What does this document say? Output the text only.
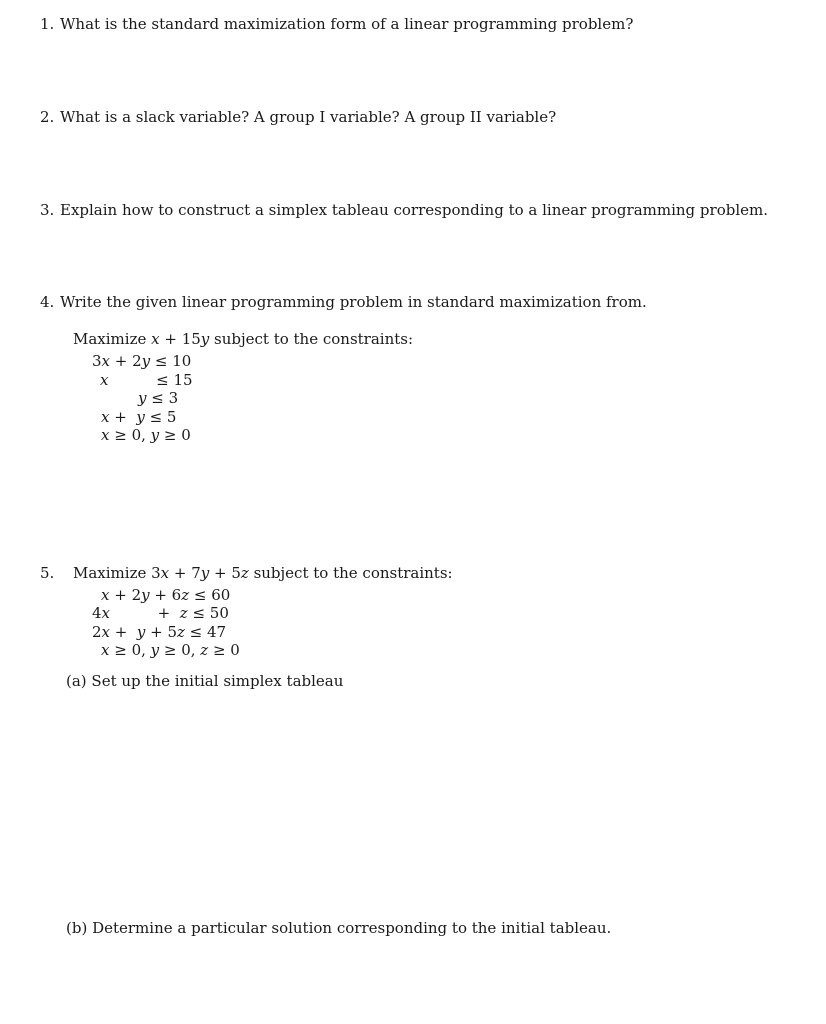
1. What is the standard maximization form of a linear programming problem?
2. What is a slack variable? A group I variable? A group II variable?
3. Explain how to construct a simplex tableau corresponding to a linear programming problem.
4. Write the given linear programming problem in standard maximization from.
Maximize 𝑥 + 15𝑦 subject to the constraints:
3𝑥 + 2𝑦 ≤ 10
𝑥          ≤ 15
𝑦 ≤ 3
𝑥 +  𝑦 ≤ 5
𝑥 ≥ 0, 𝑦 ≥ 0
5. Maximize 3𝑥 + 7𝑦 + 5𝑧 subject to the constraints:
𝑥 + 2𝑦 + 6𝑧 ≤ 60
4𝑥          +  𝑧 ≤ 50
2𝑥 +  𝑦 + 5𝑧 ≤ 47
𝑥 ≥ 0, 𝑦 ≥ 0, 𝑧 ≥ 0
(a) Set up the initial simplex tableau
(b) Determine a particular solution corresponding to the initial tableau.
